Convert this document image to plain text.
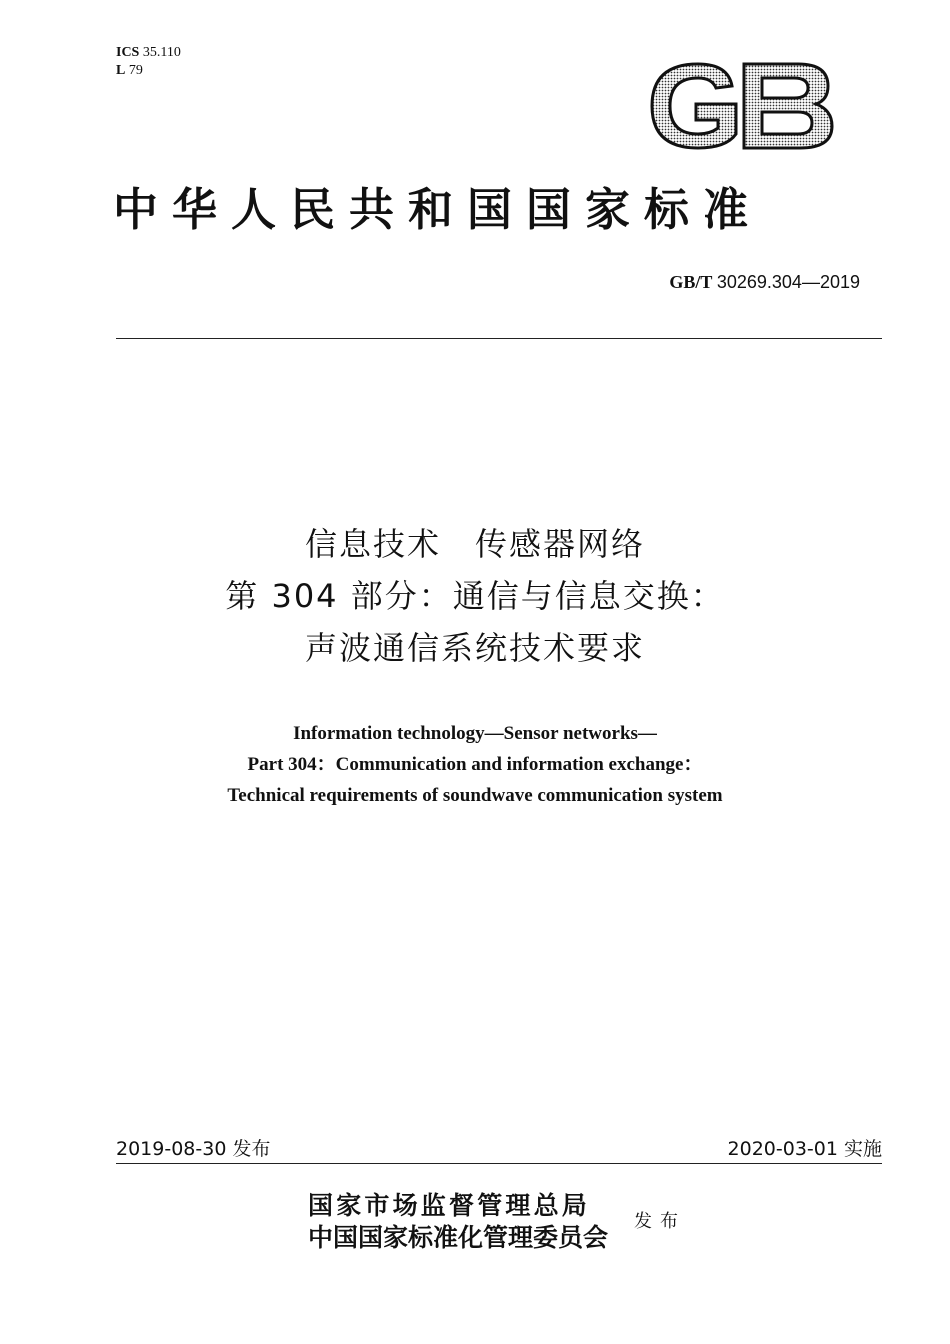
ICS 35.110
L 79
中华人民共和国国家标准
GB/T 30269.304—2019
信息技术　传感器网络
第 304 部分：通信与信息交换：
声波通信系统技术要求
Information technology—Sensor networks—
Part 304：Communication and information exchange：
Technical requirements of soundwave communication system
2019-08-30 发布	2020-03-01 实施
国家市场监督管理总局
中国国家标准化管理委员会
发布
